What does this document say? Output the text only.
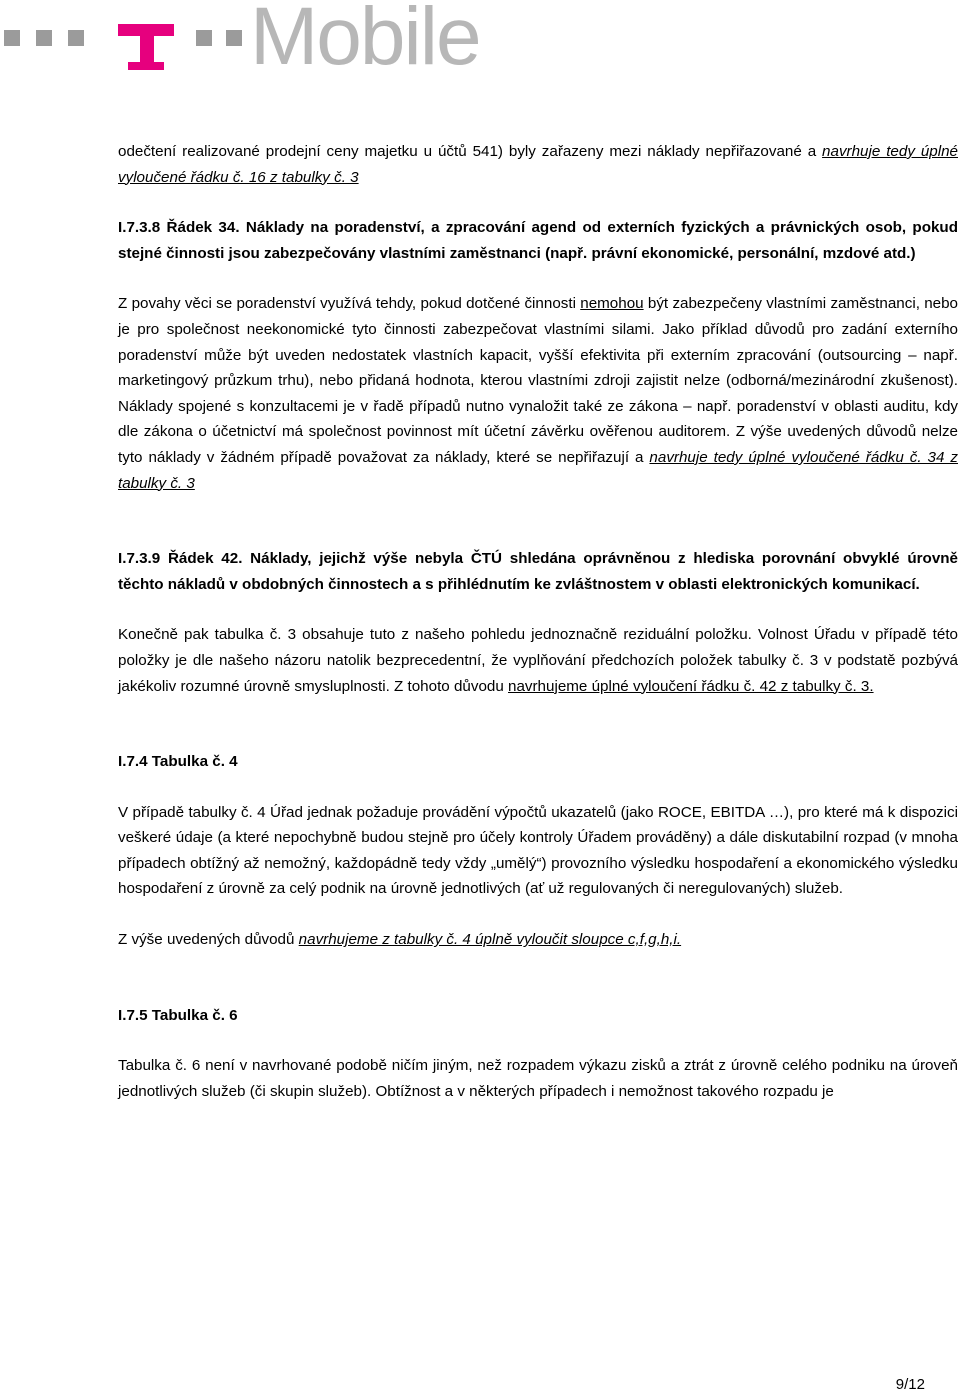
Mobile

odečtení realizované prodejní ceny majetku u účtů 541) byly zařazeny mezi náklady nepřiřazované a navrhuje tedy úplné vyloučené řádku č. 16 z tabulky č. 3

I.7.3.8 Řádek 34. Náklady na poradenství, a zpracování agend od externích fyzických a právnických osob, pokud stejné činnosti jsou zabezpečovány vlastními zaměstnanci (např. právní ekonomické, personální, mzdové atd.)

Z povahy věci se poradenství využívá tehdy, pokud dotčené činnosti nemohou být zabezpečeny vlastními zaměstnanci, nebo je pro společnost neekonomické tyto činnosti zabezpečovat vlastními silami. Jako příklad důvodů pro zadání externího poradenství může být uveden nedostatek vlastních kapacit, vyšší efektivita při externím zpracování (outsourcing – např. marketingový průzkum trhu), nebo přidaná hodnota, kterou vlastními zdroji zajistit nelze (odborná/mezinárodní zkušenost). Náklady spojené s konzultacemi je v řadě případů nutno vynaložit také ze zákona – např. poradenství v oblasti auditu, kdy dle zákona o účetnictví má společnost povinnost mít účetní závěrku ověřenou auditorem. Z výše uvedených důvodů nelze tyto náklady v žádném případě považovat za náklady, které se nepřiřazují a navrhuje tedy úplné vyloučené řádku č. 34 z tabulky č. 3

I.7.3.9 Řádek 42. Náklady, jejichž výše nebyla ČTÚ shledána oprávněnou z hlediska porovnání obvyklé úrovně těchto nákladů v obdobných činnostech a s přihlédnutím ke zvláštnostem v oblasti elektronických komunikací.

Konečně pak tabulka č. 3 obsahuje tuto z našeho pohledu jednoznačně reziduální položku. Volnost Úřadu v případě této položky je dle našeho názoru natolik bezprecedentní, že vyplňování předchozích položek tabulky č. 3 v podstatě pozbývá jakékoliv rozumné úrovně smysluplnosti. Z tohoto důvodu navrhujeme úplné vyloučení řádku č. 42 z tabulky č. 3.

I.7.4 Tabulka č. 4

V případě tabulky č. 4 Úřad jednak požaduje provádění výpočtů ukazatelů (jako ROCE, EBITDA …), pro které má k dispozici veškeré údaje (a které nepochybně budou stejně pro účely kontroly Úřadem prováděny) a dále diskutabilní rozpad (v mnoha případech obtížný až nemožný, každopádně tedy vždy „umělý“) provozního výsledku hospodaření a ekonomického výsledku hospodaření z úrovně za celý podnik na úrovně jednotlivých (ať už regulovaných či neregulovaných) služeb.

Z výše uvedených důvodů navrhujeme z tabulky č. 4 úplně vyloučit sloupce c,f,g,h,i.

I.7.5 Tabulka č. 6

Tabulka č. 6 není v navrhované podobě ničím jiným, než rozpadem výkazu zisků a ztrát z úrovně celého podniku na úroveň jednotlivých služeb (či skupin služeb). Obtížnost a v některých případech i nemožnost takového rozpadu je

9/12
